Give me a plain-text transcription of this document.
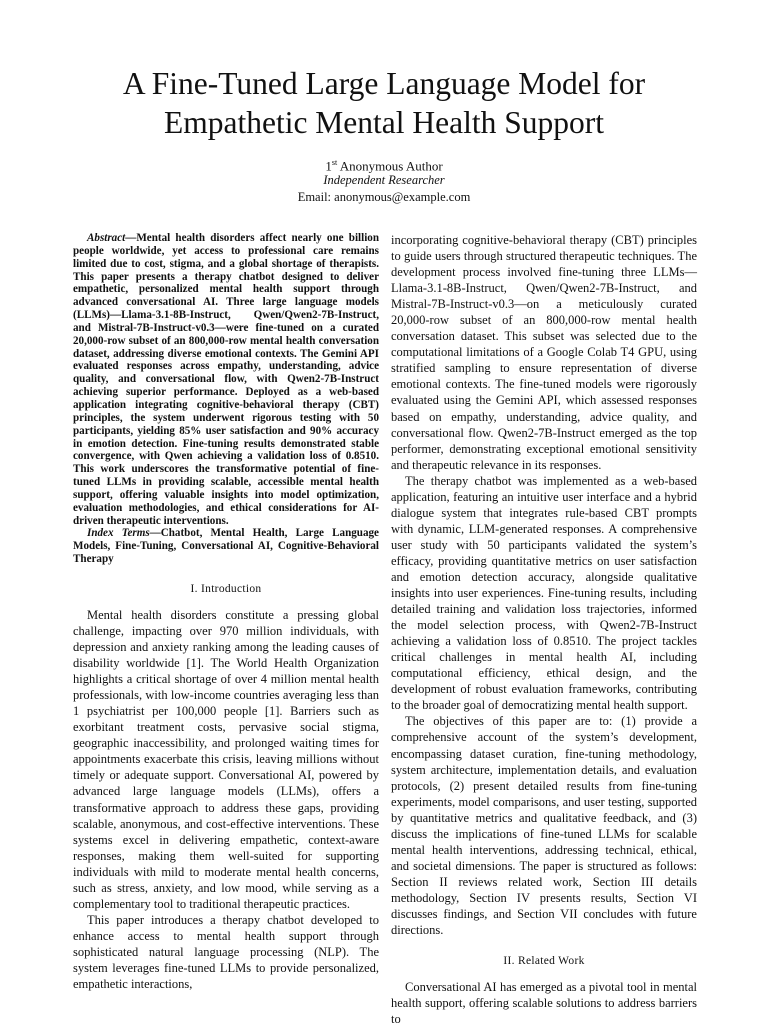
A Fine-Tuned Large Language Model for
Empathetic Mental Health Support
1st Anonymous Author
Independent Researcher
Email: anonymous@example.com

Abstract—Mental health disorders affect nearly one billion people worldwide, yet access to professional care remains limited due to cost, stigma, and a global shortage of therapists. This paper presents a therapy chatbot designed to deliver empathetic, personalized mental health support through advanced conversational AI. Three large language models (LLMs)—Llama-3.1-8B-Instruct, Qwen/Qwen2-7B-Instruct, and Mistral-7B-Instruct-v0.3—were fine-tuned on a curated 20,000-row subset of an 800,000-row mental health conversation dataset, addressing diverse emotional contexts. The Gemini API evaluated responses across empathy, understanding, advice quality, and conversational flow, with Qwen2-7B-Instruct achieving superior performance. Deployed as a web-based application integrating cognitive-behavioral therapy (CBT) principles, the system underwent rigorous testing with 50 participants, yielding 85% user satisfaction and 90% accuracy in emotion detection. Fine-tuning results demonstrated stable convergence, with Qwen achieving a validation loss of 0.8510. This work underscores the transformative potential of fine-tuned LLMs in providing scalable, accessible mental health support, offering valuable insights into model optimization, evaluation methodologies, and ethical considerations for AI-driven therapeutic interventions.

Index Terms—Chatbot, Mental Health, Large Language Models, Fine-Tuning, Conversational AI, Cognitive-Behavioral Therapy

I. Introduction

Mental health disorders constitute a pressing global challenge, impacting over 970 million individuals, with depression and anxiety ranking among the leading causes of disability worldwide [1]. The World Health Organization highlights a critical shortage of over 4 million mental health professionals, with low-income countries averaging less than 1 psychiatrist per 100,000 people [1]. Barriers such as exorbitant treatment costs, pervasive social stigma, geographic inaccessibility, and prolonged waiting times for appointments exacerbate this crisis, leaving millions without timely or adequate support. Conversational AI, powered by advanced large language models (LLMs), offers a transformative approach to address these gaps, providing scalable, anonymous, and cost-effective interventions. These systems excel in delivering empathetic, context-aware responses, making them well-suited for supporting individuals with mild to moderate mental health concerns, such as stress, anxiety, and low mood, while serving as a complementary tool to traditional therapeutic practices.

This paper introduces a therapy chatbot developed to enhance access to mental health support through sophisticated natural language processing (NLP). The system leverages fine-tuned LLMs to provide personalized, empathetic interactions,

incorporating cognitive-behavioral therapy (CBT) principles to guide users through structured therapeutic techniques. The development process involved fine-tuning three LLMs—Llama-3.1-8B-Instruct, Qwen/Qwen2-7B-Instruct, and Mistral-7B-Instruct-v0.3—on a meticulously curated 20,000-row subset of an 800,000-row mental health conversation dataset. This subset was selected due to the computational limitations of a Google Colab T4 GPU, using stratified sampling to ensure representation of diverse emotional contexts. The fine-tuned models were rigorously evaluated using the Gemini API, which assessed responses based on empathy, understanding, advice quality, and conversational flow. Qwen2-7B-Instruct emerged as the top performer, demonstrating exceptional emotional sensitivity and therapeutic relevance in its responses.

The therapy chatbot was implemented as a web-based application, featuring an intuitive user interface and a hybrid dialogue system that integrates rule-based CBT prompts with dynamic, LLM-generated responses. A comprehensive user study with 50 participants validated the system’s efficacy, providing quantitative metrics on user satisfaction and emotion detection accuracy, alongside qualitative insights into user experiences. Fine-tuning results, including detailed training and validation loss trajectories, informed the model selection process, with Qwen2-7B-Instruct achieving a validation loss of 0.8510. The project tackles critical challenges in mental health AI, including computational efficiency, ethical design, and the development of robust evaluation frameworks, contributing to the broader goal of democratizing mental health support.

The objectives of this paper are to: (1) provide a comprehensive account of the system’s development, encompassing dataset curation, fine-tuning methodology, system architecture, implementation details, and evaluation protocols, (2) present detailed results from fine-tuning experiments, model comparisons, and user testing, supported by quantitative metrics and qualitative feedback, and (3) discuss the implications of fine-tuned LLMs for scalable mental health interventions, addressing technical, ethical, and societal dimensions. The paper is structured as follows: Section II reviews related work, Section III details methodology, Section IV presents results, Section VI discusses findings, and Section VII concludes with future directions.

II. Related Work

Conversational AI has emerged as a pivotal tool in mental health support, offering scalable solutions to address barriers to
